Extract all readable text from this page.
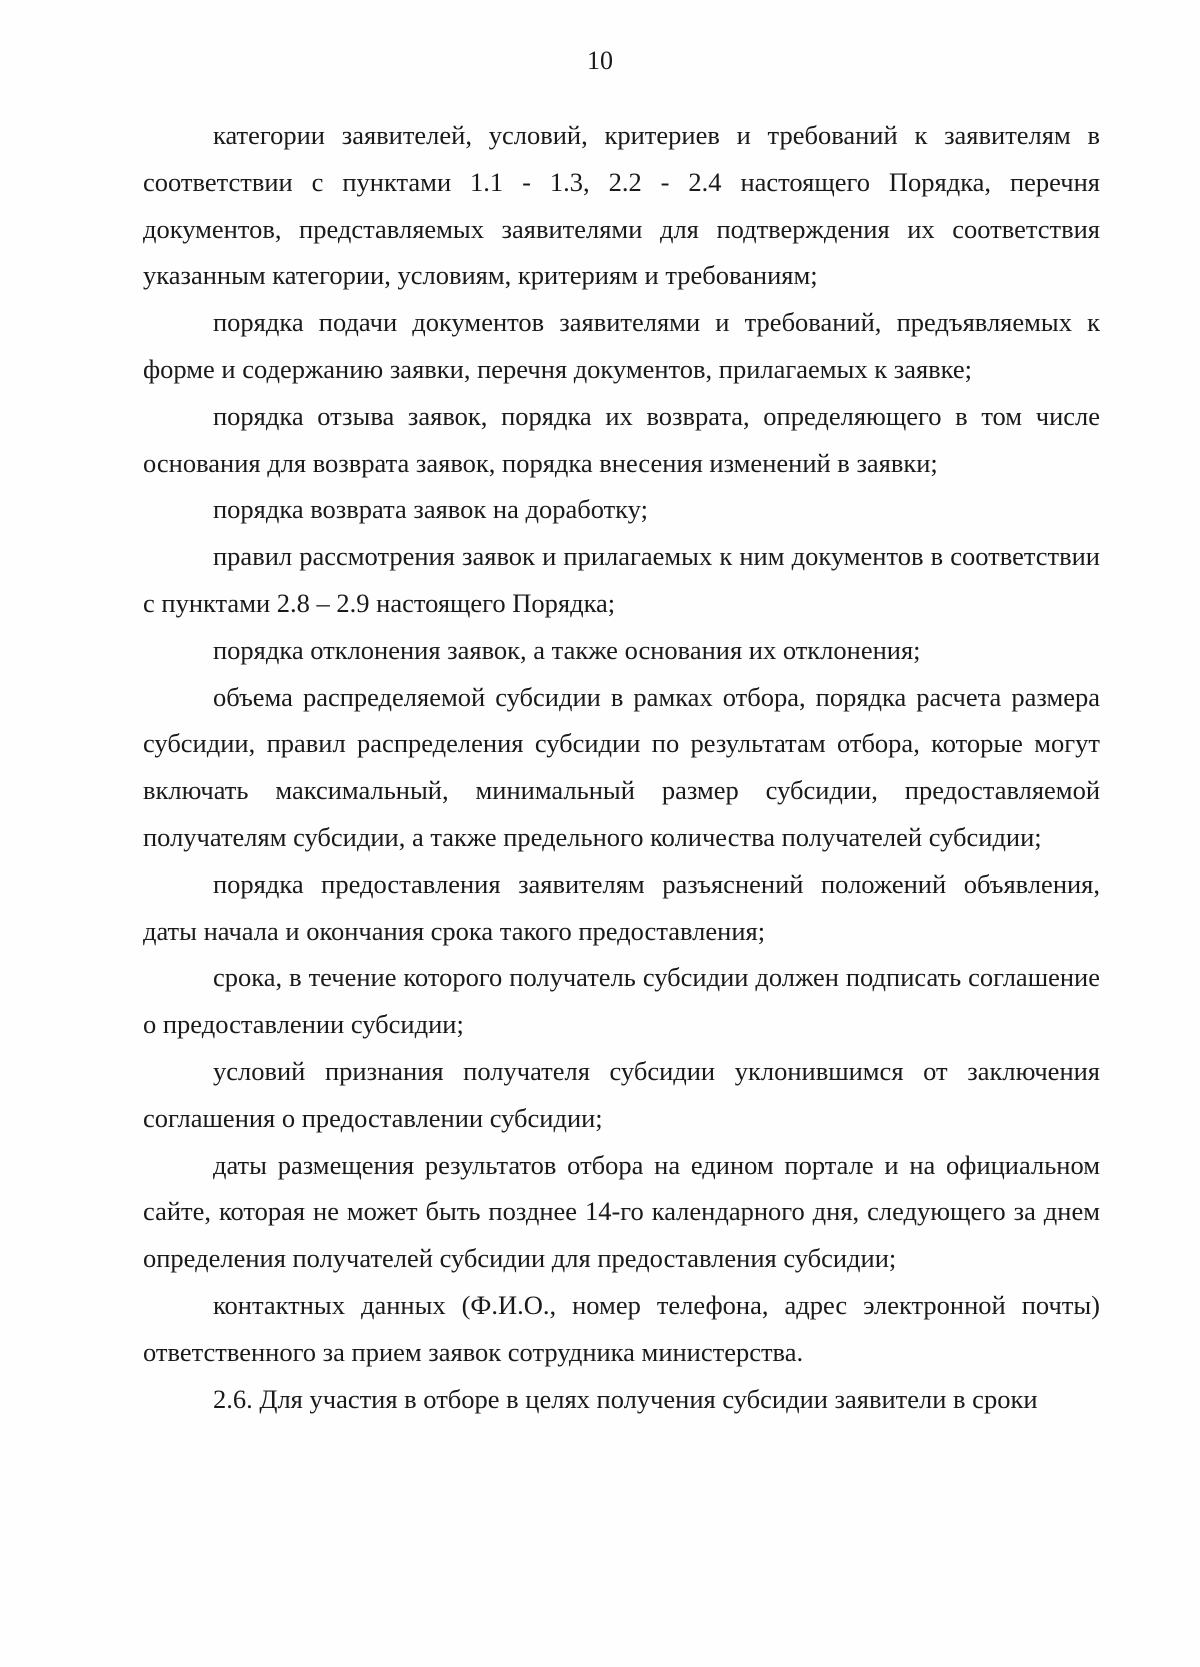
10

категории заявителей, условий, критериев и требований к заявителям в соответствии с пунктами 1.1 - 1.3, 2.2 - 2.4 настоящего Порядка, перечня документов, представляемых заявителями для подтверждения их соответствия указанным категории, условиям, критериям и требованиям;

порядка подачи документов заявителями и требований, предъявляемых к форме и содержанию заявки, перечня документов, прилагаемых к заявке;

порядка отзыва заявок, порядка их возврата, определяющего в том числе основания для возврата заявок, порядка внесения изменений в заявки;

порядка возврата заявок на доработку;

правил рассмотрения заявок и прилагаемых к ним документов в соответствии с пунктами 2.8 – 2.9 настоящего Порядка;

порядка отклонения заявок, а также основания их отклонения;

объема распределяемой субсидии в рамках отбора, порядка расчета размера субсидии, правил распределения субсидии по результатам отбора, которые могут включать максимальный, минимальный размер субсидии, предоставляемой получателям субсидии, а также предельного количества получателей субсидии;

порядка предоставления заявителям разъяснений положений объявления, даты начала и окончания срока такого предоставления;

срока, в течение которого получатель субсидии должен подписать соглашение о предоставлении субсидии;

условий признания получателя субсидии уклонившимся от заключения соглашения о предоставлении субсидии;

даты размещения результатов отбора на едином портале и на официальном сайте, которая не может быть позднее 14-го календарного дня, следующего за днем определения получателей субсидии для предоставления субсидии;

контактных данных (Ф.И.О., номер телефона, адрес электронной почты) ответственного за прием заявок сотрудника министерства.

2.6. Для участия в отборе в целях получения субсидии заявители в сроки
